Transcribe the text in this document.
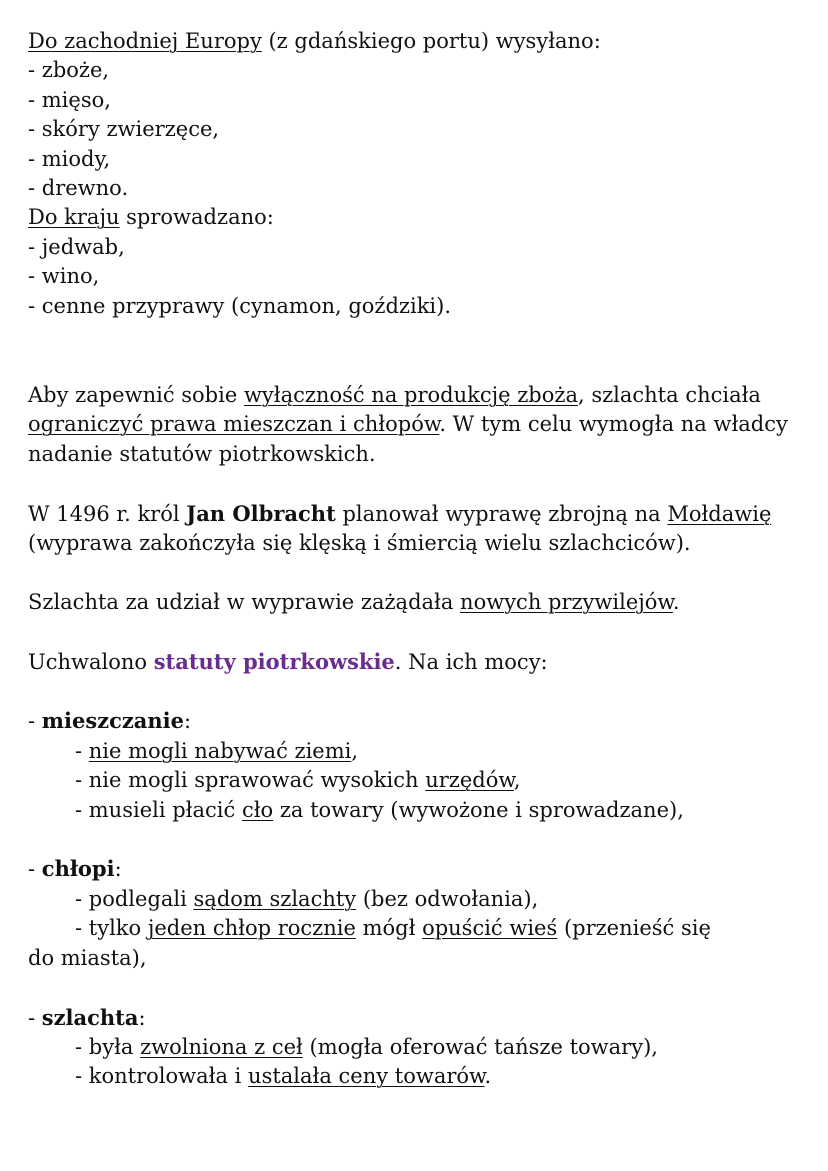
Do zachodniej Europy (z gdańskiego portu) wysyłano:

- zboże,

- mięso,

- skóry zwierzęce,

- miody,

- drewno.

Do kraju sprowadzano:

- jedwab,

- wino,

- cenne przyprawy (cynamon, goździki).

Aby zapewnić sobie wyłączność na produkcję zboża, szlachta chciała ograniczyć prawa mieszczan i chłopów. W tym celu wymogła na władcy nadanie statutów piotrkowskich.

W 1496 r. król Jan Olbracht planował wyprawę zbrojną na Mołdawię (wyprawa zakończyła się klęską i śmiercią wielu szlachciców).

Szlachta za udział w wyprawie zażądała nowych przywilejów.

Uchwalono statuty piotrkowskie. Na ich mocy:

- mieszczanie:

- nie mogli nabywać ziemi,

- nie mogli sprawować wysokich urzędów,

- musieli płacić cło za towary (wywożone i sprowadzane),

- chłopi:

- podlegali sądom szlachty (bez odwołania),

- tylko jeden chłop rocznie mógł opuścić wieś (przenieść się

do miasta),

- szlachta:

- była zwolniona z ceł (mogła oferować tańsze towary),

- kontrolowała i ustalała ceny towarów.
